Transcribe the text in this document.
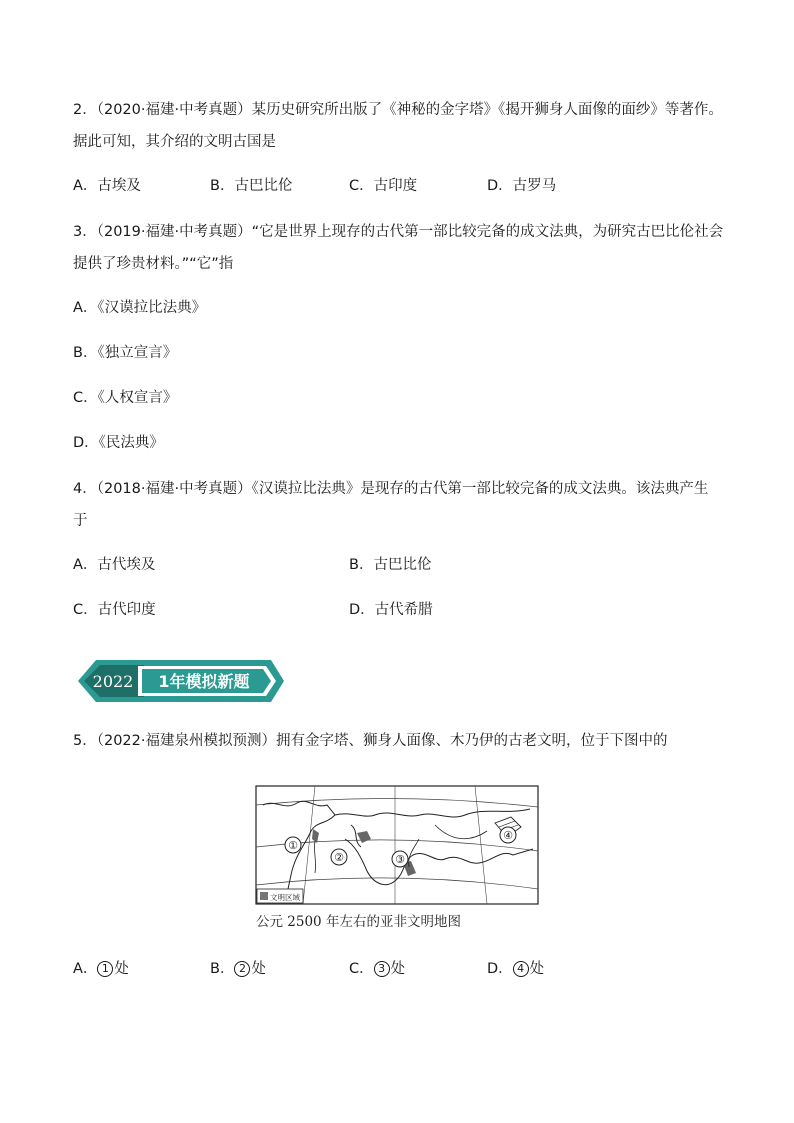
2．（2020·福建·中考真题）某历史研究所出版了《神秘的金字塔》《揭开狮身人面像的面纱》等著作。
据此可知，其介绍的文明古国是
A．古埃及	B．古巴比伦	C．古印度	D．古罗马
3．（2019·福建·中考真题）“它是世界上现存的古代第一部比较完备的成文法典，为研究古巴比伦社会
提供了珍贵材料。”“它”指
A．《汉谟拉比法典》
B．《独立宣言》
C．《人权宣言》
D．《民法典》
4．（2018·福建·中考真题）《汉谟拉比法典》是现存的古代第一部比较完备的成文法典。该法典产生
于
A．古代埃及	B．古巴比伦
C．古代印度	D．古代希腊
2022 1年模拟新题
5．（2022·福建泉州模拟预测）拥有金字塔、狮身人面像、木乃伊的古老文明，位于下图中的
①
②	③
④
文明区域
公元 2500 年左右的亚非文明地图
A． 1 处	B． 2 处	C． 3 处	D． 4 处
